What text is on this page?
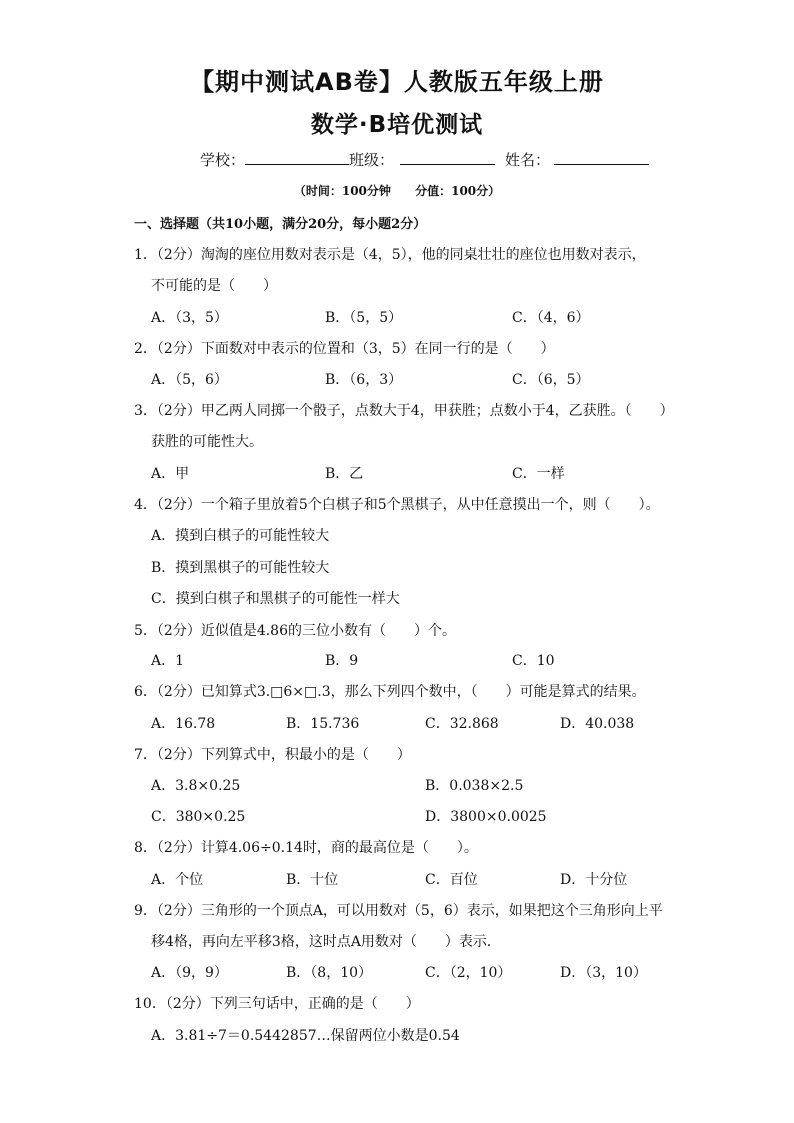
【期中测试AB卷】人教版五年级上册
数学·B培优测试
学校：	班级：	姓名：
（时间：100分钟 分值：100分）
一、选择题（共10小题，满分20分，每小题2分）
1．（2分）淘淘的座位用数对表示是（4，5），他的同桌壮壮的座位也用数对表示，
不可能的是（　　）
A．（3，5）	B．（5，5）	C．（4，6）
2．（2分）下面数对中表示的位置和（3，5）在同一行的是（　　）
A．（5，6）	B．（6，3）	C．（6，5）
3．（2分）甲乙两人同掷一个骰子，点数大于4，甲获胜；点数小于4，乙获胜。（　　）
获胜的可能性大。
A．甲	B．乙	C．一样
4．（2分）一个箱子里放着5个白棋子和5个黑棋子，从中任意摸出一个，则（　　）。
A．摸到白棋子的可能性较大
B．摸到黑棋子的可能性较大
C．摸到白棋子和黑棋子的可能性一样大
5．（2分）近似值是4.86的三位小数有（　　）个。
A．1	B．9	C．10
6．（2分）已知算式3.□6×□.3，那么下列四个数中，（　　）可能是算式的结果。
A．16.78	B．15.736	C．32.868	D．40.038
7．（2分）下列算式中，积最小的是（　　）
A．3.8×0.25	B．0.038×2.5
C．380×0.25	D．3800×0.0025
8．（2分）计算4.06÷0.14时，商的最高位是（　　）。
A．个位	B．十位	C．百位	D．十分位
9．（2分）三角形的一个顶点A，可以用数对（5，6）表示，如果把这个三角形向上平
移4格，再向左平移3格，这时点A用数对（　　）表示．
A．（9，9）	B．（8，10）	C．（2，10）	D．（3，10）
10．（2分）下列三句话中，正确的是（　　）
A．3.81÷7＝0.5442857…保留两位小数是0.54
